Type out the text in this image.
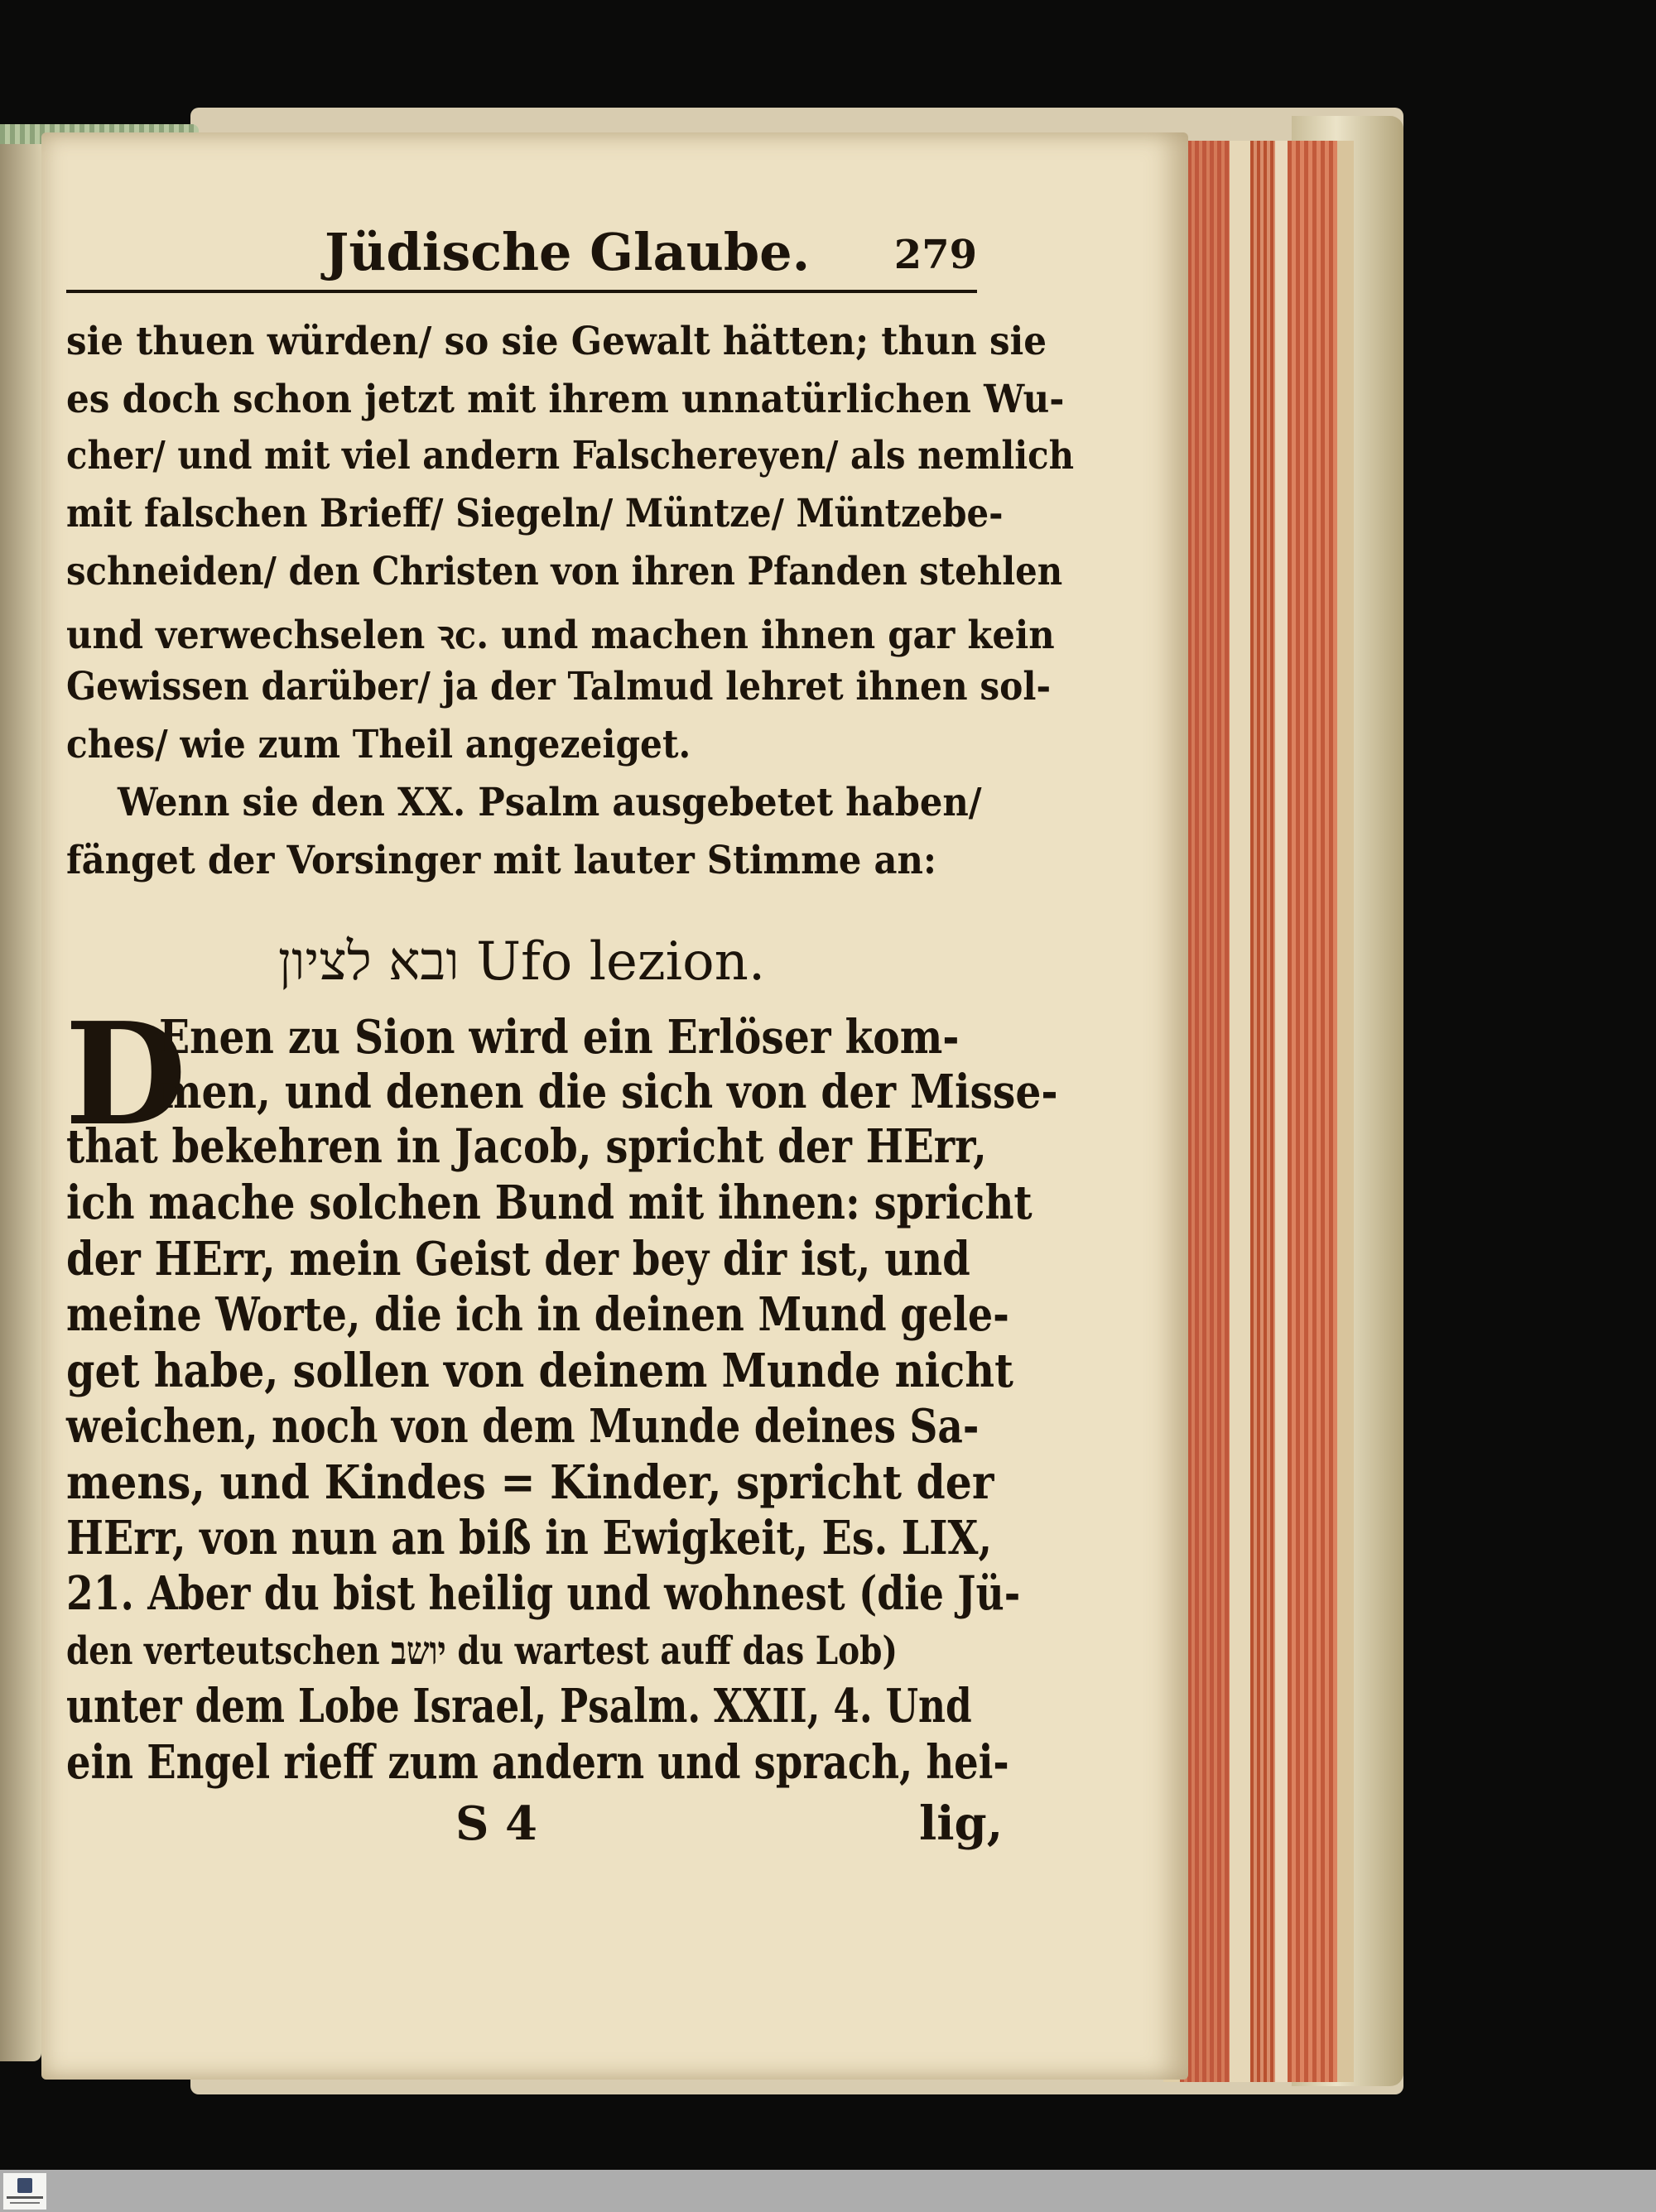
Jüdische Glaube. 279
sie thuen würden/ so sie Gewalt hätten; thun sie
es doch schon jetzt mit ihrem unnatürlichen Wu-
cher/ und mit viel andern Falschereyen/ als nemlich
mit falschen Brieff/ Siegeln/ Müntze/ Müntzebe-
schneiden/ den Christen von ihren Pfanden stehlen
und verwechselen ꝛc. und machen ihnen gar kein
Gewissen darüber/ ja der Talmud lehret ihnen sol-
ches/ wie zum Theil angezeiget.
Wenn sie den XX. Psalm ausgebetet haben/
fänget der Vorsinger mit lauter Stimme an:
ובא לציון Ufo lezion.
D
Enen zu Sion wird ein Erlöser kom-
men, und denen die sich von der Misse-
that bekehren in Jacob, spricht der HErr,
ich mache solchen Bund mit ihnen: spricht
der HErr, mein Geist der bey dir ist, und
meine Worte, die ich in deinen Mund gele-
get habe, sollen von deinem Munde nicht
weichen, noch von dem Munde deines Sa-
mens, und Kindes = Kinder, spricht der
HErr, von nun an biß in Ewigkeit, Es. LIX,
21. Aber du bist heilig und wohnest (die Jü-
den verteutschen יושב du wartest auff das Lob)
unter dem Lobe Israel, Psalm. XXII, 4. Und
ein Engel rieff zum andern und sprach, hei-
S 4	lig,
